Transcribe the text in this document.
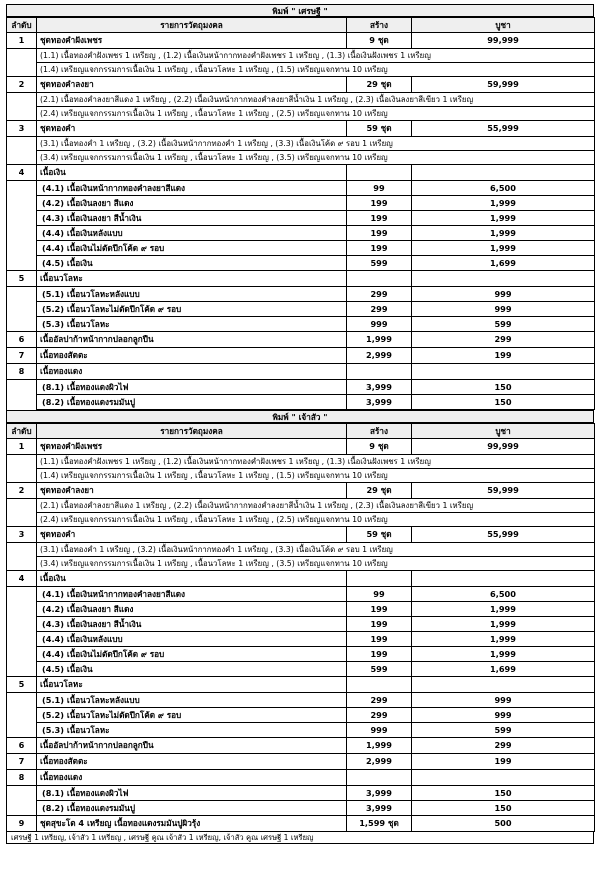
พิมพ์ " เศรษฐี "
ลำดับ	รายการวัตถุมงคล	สร้าง	บูชา
1	ชุดทองคำฝังเพชร	9 ชุด	99,999
	(1.1) เนื้อทองคำฝังเพชร 1 เหรียญ , (1.2) เนื้อเงินหน้ากากทองคำฝังเพชร 1 เหรียญ , (1.3) เนื้อเงินฝังเพชร 1 เหรียญ		
	(1.4) เหรียญแจกกรรมการเนื้อเงิน 1 เหรียญ , เนื้อนวโลหะ 1 เหรียญ , (1.5) เหรียญแจกทาน 10 เหรียญ		
2	ชุดทองคำลงยา	29 ชุด	59,999
	(2.1) เนื้อทองคำลงยาสีแดง 1 เหรียญ , (2.2) เนื้อเงินหน้ากากทองคำลงยาสีน้ำเงิน 1 เหรียญ , (2.3) เนื้อเงินลงยาสีเขียว 1 เหรียญ		
	(2.4) เหรียญแจกกรรมการเนื้อเงิน 1 เหรียญ , เนื้อนวโลหะ 1 เหรียญ , (2.5) เหรียญแจกทาน 10 เหรียญ		
3	ชุดทองคำ	59 ชุด	55,999
	(3.1) เนื้อทองคำ 1 เหรียญ , (3.2) เนื้อเงินหน้ากากทองคำ 1 เหรียญ , (3.3) เนื้อเงินโค้ด ๙ รอบ 1 เหรียญ		
	(3.4) เหรียญแจกกรรมการเนื้อเงิน 1 เหรียญ , เนื้อนวโลหะ 1 เหรียญ , (3.5) เหรียญแจกทาน 10 เหรียญ		
4	เนื้อเงิน		
	(4.1) เนื้อเงินหน้ากากทองคำลงยาสีแดง	99	6,500
	(4.2) เนื้อเงินลงยา สีแดง	199	1,999
	(4.3) เนื้อเงินลงยา สีน้ำเงิน	199	1,999
	(4.4) เนื้อเงินหลังแบบ	199	1,999
	(4.4) เนื้อเงินไม่ตัดปีกโค้ด ๙ รอบ	199	1,999
	(4.5) เนื้อเงิน	599	1,699
5	เนื้อนวโลหะ		
	(5.1) เนื้อนวโลหะหลังแบบ	299	999
	(5.2) เนื้อนวโลหะไม่ตัดปีกโค้ด ๙ รอบ	299	999
	(5.3) เนื้อนวโลหะ	999	599
6	เนื้ออัลปาก้าหน้ากากปลอกลูกปืน	1,999	299
7	เนื้อทองสัตตะ	2,999	199
8	เนื้อทองแดง		
	(8.1) เนื้อทองแดงผิวไฟ	3,999	150
	(8.2) เนื้อทองแดงรมมันปู	3,999	150
พิมพ์ " เจ้าสัว "
ลำดับ	รายการวัตถุมงคล	สร้าง	บูชา
1	ชุดทองคำฝังเพชร	9 ชุด	99,999
	(1.1) เนื้อทองคำฝังเพชร 1 เหรียญ , (1.2) เนื้อเงินหน้ากากทองคำฝังเพชร 1 เหรียญ , (1.3) เนื้อเงินฝังเพชร 1 เหรียญ		
	(1.4) เหรียญแจกกรรมการเนื้อเงิน 1 เหรียญ , เนื้อนวโลหะ 1 เหรียญ , (1.5) เหรียญแจกทาน 10 เหรียญ		
2	ชุดทองคำลงยา	29 ชุด	59,999
	(2.1) เนื้อทองคำลงยาสีแดง 1 เหรียญ , (2.2) เนื้อเงินหน้ากากทองคำลงยาสีน้ำเงิน 1 เหรียญ , (2.3) เนื้อเงินลงยาสีเขียว 1 เหรียญ		
	(2.4) เหรียญแจกกรรมการเนื้อเงิน 1 เหรียญ , เนื้อนวโลหะ 1 เหรียญ , (2.5) เหรียญแจกทาน 10 เหรียญ		
3	ชุดทองคำ	59 ชุด	55,999
	(3.1) เนื้อทองคำ 1 เหรียญ , (3.2) เนื้อเงินหน้ากากทองคำ 1 เหรียญ , (3.3) เนื้อเงินโค้ด ๙ รอบ 1 เหรียญ		
	(3.4) เหรียญแจกกรรมการเนื้อเงิน 1 เหรียญ , เนื้อนวโลหะ 1 เหรียญ , (3.5) เหรียญแจกทาน 10 เหรียญ		
4	เนื้อเงิน		
	(4.1) เนื้อเงินหน้ากากทองคำลงยาสีแดง	99	6,500
	(4.2) เนื้อเงินลงยา สีแดง	199	1,999
	(4.3) เนื้อเงินลงยา สีน้ำเงิน	199	1,999
	(4.4) เนื้อเงินหลังแบบ	199	1,999
	(4.4) เนื้อเงินไม่ตัดปีกโค้ด ๙ รอบ	199	1,999
	(4.5) เนื้อเงิน	599	1,699
5	เนื้อนวโลหะ		
	(5.1) เนื้อนวโลหะหลังแบบ	299	999
	(5.2) เนื้อนวโลหะไม่ตัดปีกโค้ด ๙ รอบ	299	999
	(5.3) เนื้อนวโลหะ	999	599
6	เนื้ออัลปาก้าหน้ากากปลอกลูกปืน	1,999	299
7	เนื้อทองสัตตะ	2,999	199
8	เนื้อทองแดง		
	(8.1) เนื้อทองแดงผิวไฟ	3,999	150
	(8.2) เนื้อทองแดงรมมันปู	3,999	150
9	ชุดสุขะโต 4 เหรียญ เนื้อทองแดงรมมันปูผิวรุ้ง	1,599 ชุด	500
เศรษฐี 1 เหรียญ, เจ้าสัว 1 เหรียญ , เศรษฐี คูณ เจ้าสัว 1 เหรียญ, เจ้าสัว คูณ เศรษฐี 1 เหรียญ
